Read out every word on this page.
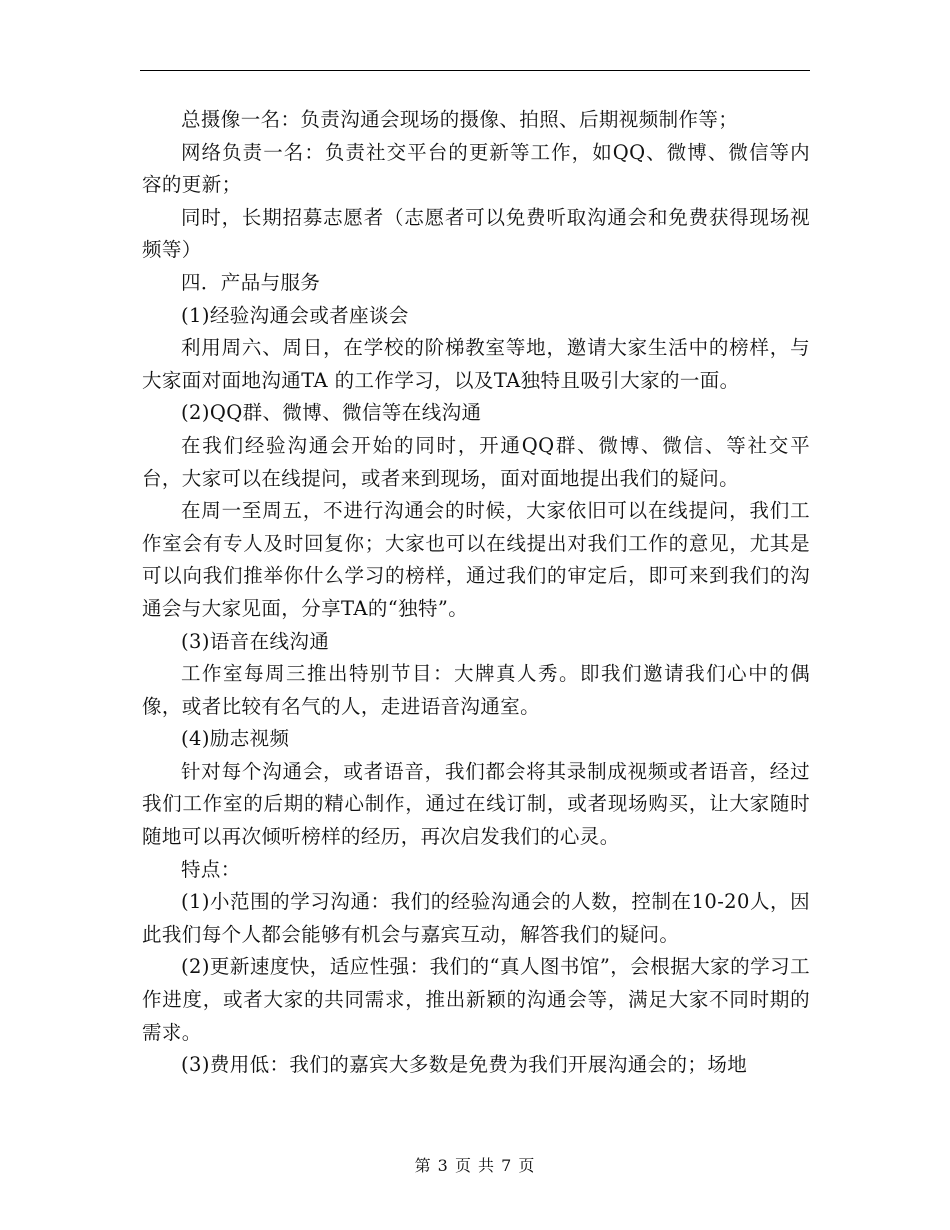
总摄像一名：负责沟通会现场的摄像、拍照、后期视频制作等；

网络负责一名：负责社交平台的更新等工作，如QQ、微博、微信等内容的更新；

同时，长期招募志愿者（志愿者可以免费听取沟通会和免费获得现场视频等）

四．产品与服务

(1)经验沟通会或者座谈会

利用周六、周日，在学校的阶梯教室等地，邀请大家生活中的榜样，与大家面对面地沟通TA 的工作学习，以及TA独特且吸引大家的一面。

(2)QQ群、微博、微信等在线沟通

在我们经验沟通会开始的同时，开通QQ群、微博、微信、等社交平台，大家可以在线提问，或者来到现场，面对面地提出我们的疑问。

在周一至周五，不进行沟通会的时候，大家依旧可以在线提问，我们工作室会有专人及时回复你；大家也可以在线提出对我们工作的意见，尤其是可以向我们推举你什么学习的榜样，通过我们的审定后，即可来到我们的沟通会与大家见面，分享TA的“独特”。

(3)语音在线沟通

工作室每周三推出特别节目：大牌真人秀。即我们邀请我们心中的偶像，或者比较有名气的人，走进语音沟通室。

(4)励志视频

针对每个沟通会，或者语音，我们都会将其录制成视频或者语音，经过我们工作室的后期的精心制作，通过在线订制，或者现场购买，让大家随时随地可以再次倾听榜样的经历，再次启发我们的心灵。

特点：

(1)小范围的学习沟通：我们的经验沟通会的人数，控制在10-20人，因此我们每个人都会能够有机会与嘉宾互动，解答我们的疑问。

(2)更新速度快，适应性强：我们的“真人图书馆”，会根据大家的学习工作进度，或者大家的共同需求，推出新颖的沟通会等，满足大家不同时期的需求。

(3)费用低：我们的嘉宾大多数是免费为我们开展沟通会的；场地

第 3 页 共 7 页
